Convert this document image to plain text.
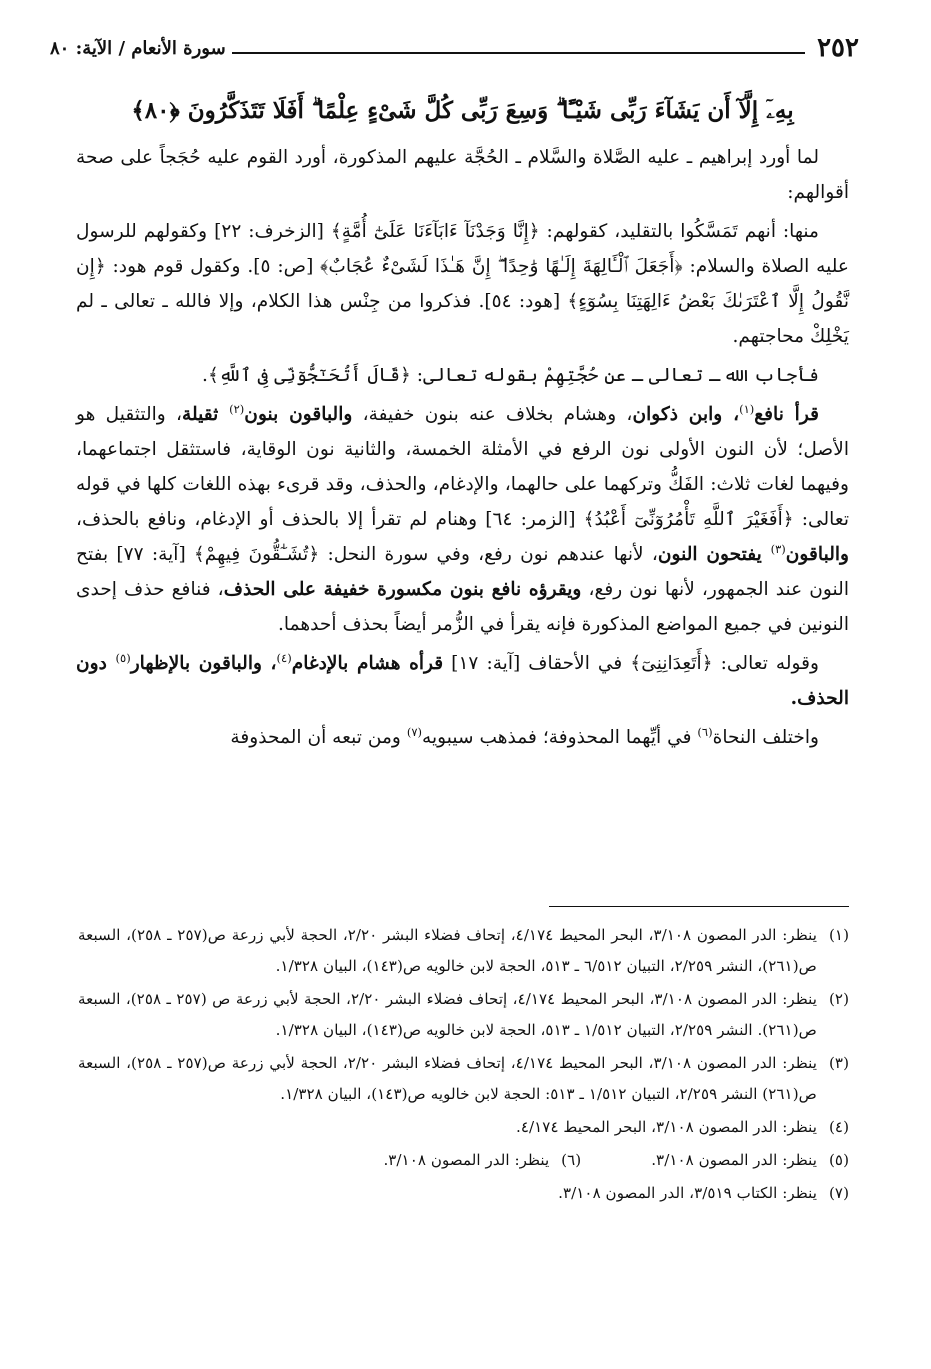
٢٥٢
سورة الأنعام / الآية: ٨٠
بِهِۦٓ إِلَّآ أَن يَشَآءَ رَبِّى شَيْـًٔا ۗ وَسِعَ رَبِّى كُلَّ شَىْءٍ عِلْمًا ۗ أَفَلَا تَتَذَكَّرُونَ ﴿٨٠﴾

لما أورد إبراهيم ـ عليه الصَّلاة والسَّلام ـ الحُجَّة عليهم المذكورة، أورد القوم عليه حُجَجاً على صحة أقوالهم:

منها: أنهم تَمَسَّكُوا بالتقليد، كقولهم: ﴿إِنَّا وَجَدْنَآ ءَابَآءَنَا عَلَىٰٓ أُمَّةٍ﴾ [الزخرف: ٢٢] وكقولهم للرسول عليه الصلاة والسلام: ﴿أَجَعَلَ ٱلْـَٔالِهَةَ إِلَـٰهًا وَٰحِدًا ۖ إِنَّ هَـٰذَا لَشَىْءٌ عُجَابٌ﴾ [ص: ٥]. وكقول قوم هود: ﴿إِن نَّقُولُ إِلَّا ٱعْتَرَىٰكَ بَعْضُ ءَالِهَتِنَا بِسُوٓءٍ﴾ [هود: ٥٤]. فذكروا من جِنْس هذا الكلام، وإلا فالله ـ تعالى ـ لم يَخْلِكْ محاجتهم.

فأجاب الله ـ تعالى ـ عن حُجَّتِهِمْ بقوله تعالى: ﴿قَالَ أَتُحَـٰٓجُّوٓنِّى فِى ٱللَّهِ﴾.

قرأ نافع$^{(١)}$، وابن ذكوان، وهشام بخلاف عنه بنون خفيفة، والباقون بنون$^{(٢)}$ ثقيلة، والتثقيل هو الأصل؛ لأن النون الأولى نون الرفع في الأمثلة الخمسة، والثانية نون الوقاية، فاستثقل اجتماعهما، وفيهما لغات ثلاث: الفَكُّ وتركهما على حالهما، والإدغام، والحذف، وقد قرىء بهذه اللغات كلها في قوله تعالى: ﴿أَفَغَيْرَ ٱللَّهِ تَأْمُرُوٓنِّىٓ أَعْبُدُ﴾ [الزمر: ٦٤] وهنام لم تقرأ إلا بالحذف أو الإدغام، ونافع بالحذف، والباقون$^{(٣)}$ يفتحون النون، لأنها عندهم نون رفع، وفي سورة النحل: ﴿تُشَـٰٓقُّونَ فِيهِمْ﴾ [آية: ٧٧] بفتح النون عند الجمهور، لأنها نون رفع، ويقرؤه نافع بنون مكسورة خفيفة على الحذف، فنافع حذف إحدى النونين في جميع المواضع المذكورة فإنه يقرأ في الزُّمر أيضاً بحذف أحدهما.

وقوله تعالى: ﴿أَتَعِدَانِنِىٓ﴾ في الأحقاف [آية: ١٧] قرأه هشام بالإدغام$^{(٤)}$، والباقون بالإظهار$^{(٥)}$ دون الحذف.

واختلف النحاة$^{(٦)}$ في أيِّهما المحذوفة؛ فمذهب سيبويه$^{(٧)}$ ومن تبعه أن المحذوفة

(١)
ينظر: الدر المصون ٣/١٠٨، البحر المحيط ٤/١٧٤، إتحاف فضلاء البشر ٢/٢٠، الحجة لأبي زرعة ص(٢٥٧ ـ ٢٥٨)، السبعة ص(٢٦١)، النشر ٢/٢٥٩، التبيان ٦/٥١٢ ـ ٥١٣، الحجة لابن خالويه ص(١٤٣)، البيان ١/٣٢٨.
(٢)
ينظر: الدر المصون ٣/١٠٨، البحر المحيط ٤/١٧٤، إتحاف فضلاء البشر ٢/٢٠، الحجة لأبي زرعة ص (٢٥٧ ـ ٢٥٨)، السبعة ص(٢٦١). النشر ٢/٢٥٩، التبيان ١/٥١٢ ـ ٥١٣، الحجة لابن خالويه ص(١٤٣)، البيان ١/٣٢٨.
(٣)
ينظر: الدر المصون ٣/١٠٨، البحر المحيط ٤/١٧٤، إتحاف فضلاء البشر ٢/٢٠، الحجة لأبي زرعة ص(٢٥٧ ـ ٢٥٨)، السبعة ص(٢٦١) النشر ٢/٢٥٩، التبيان ١/٥١٢ ـ ٥١٣: الحجة لابن خالويه ص(١٤٣)، البيان ١/٣٢٨.
(٤)
ينظر: الدر المصون ٣/١٠٨، البحر المحيط ٤/١٧٤.
(٥)
ينظر: الدر المصون ٣/١٠٨.
(٦)
ينظر: الدر المصون ٣/١٠٨.
(٧)
ينظر: الكتاب ٣/٥١٩، الدر المصون ٣/١٠٨.
